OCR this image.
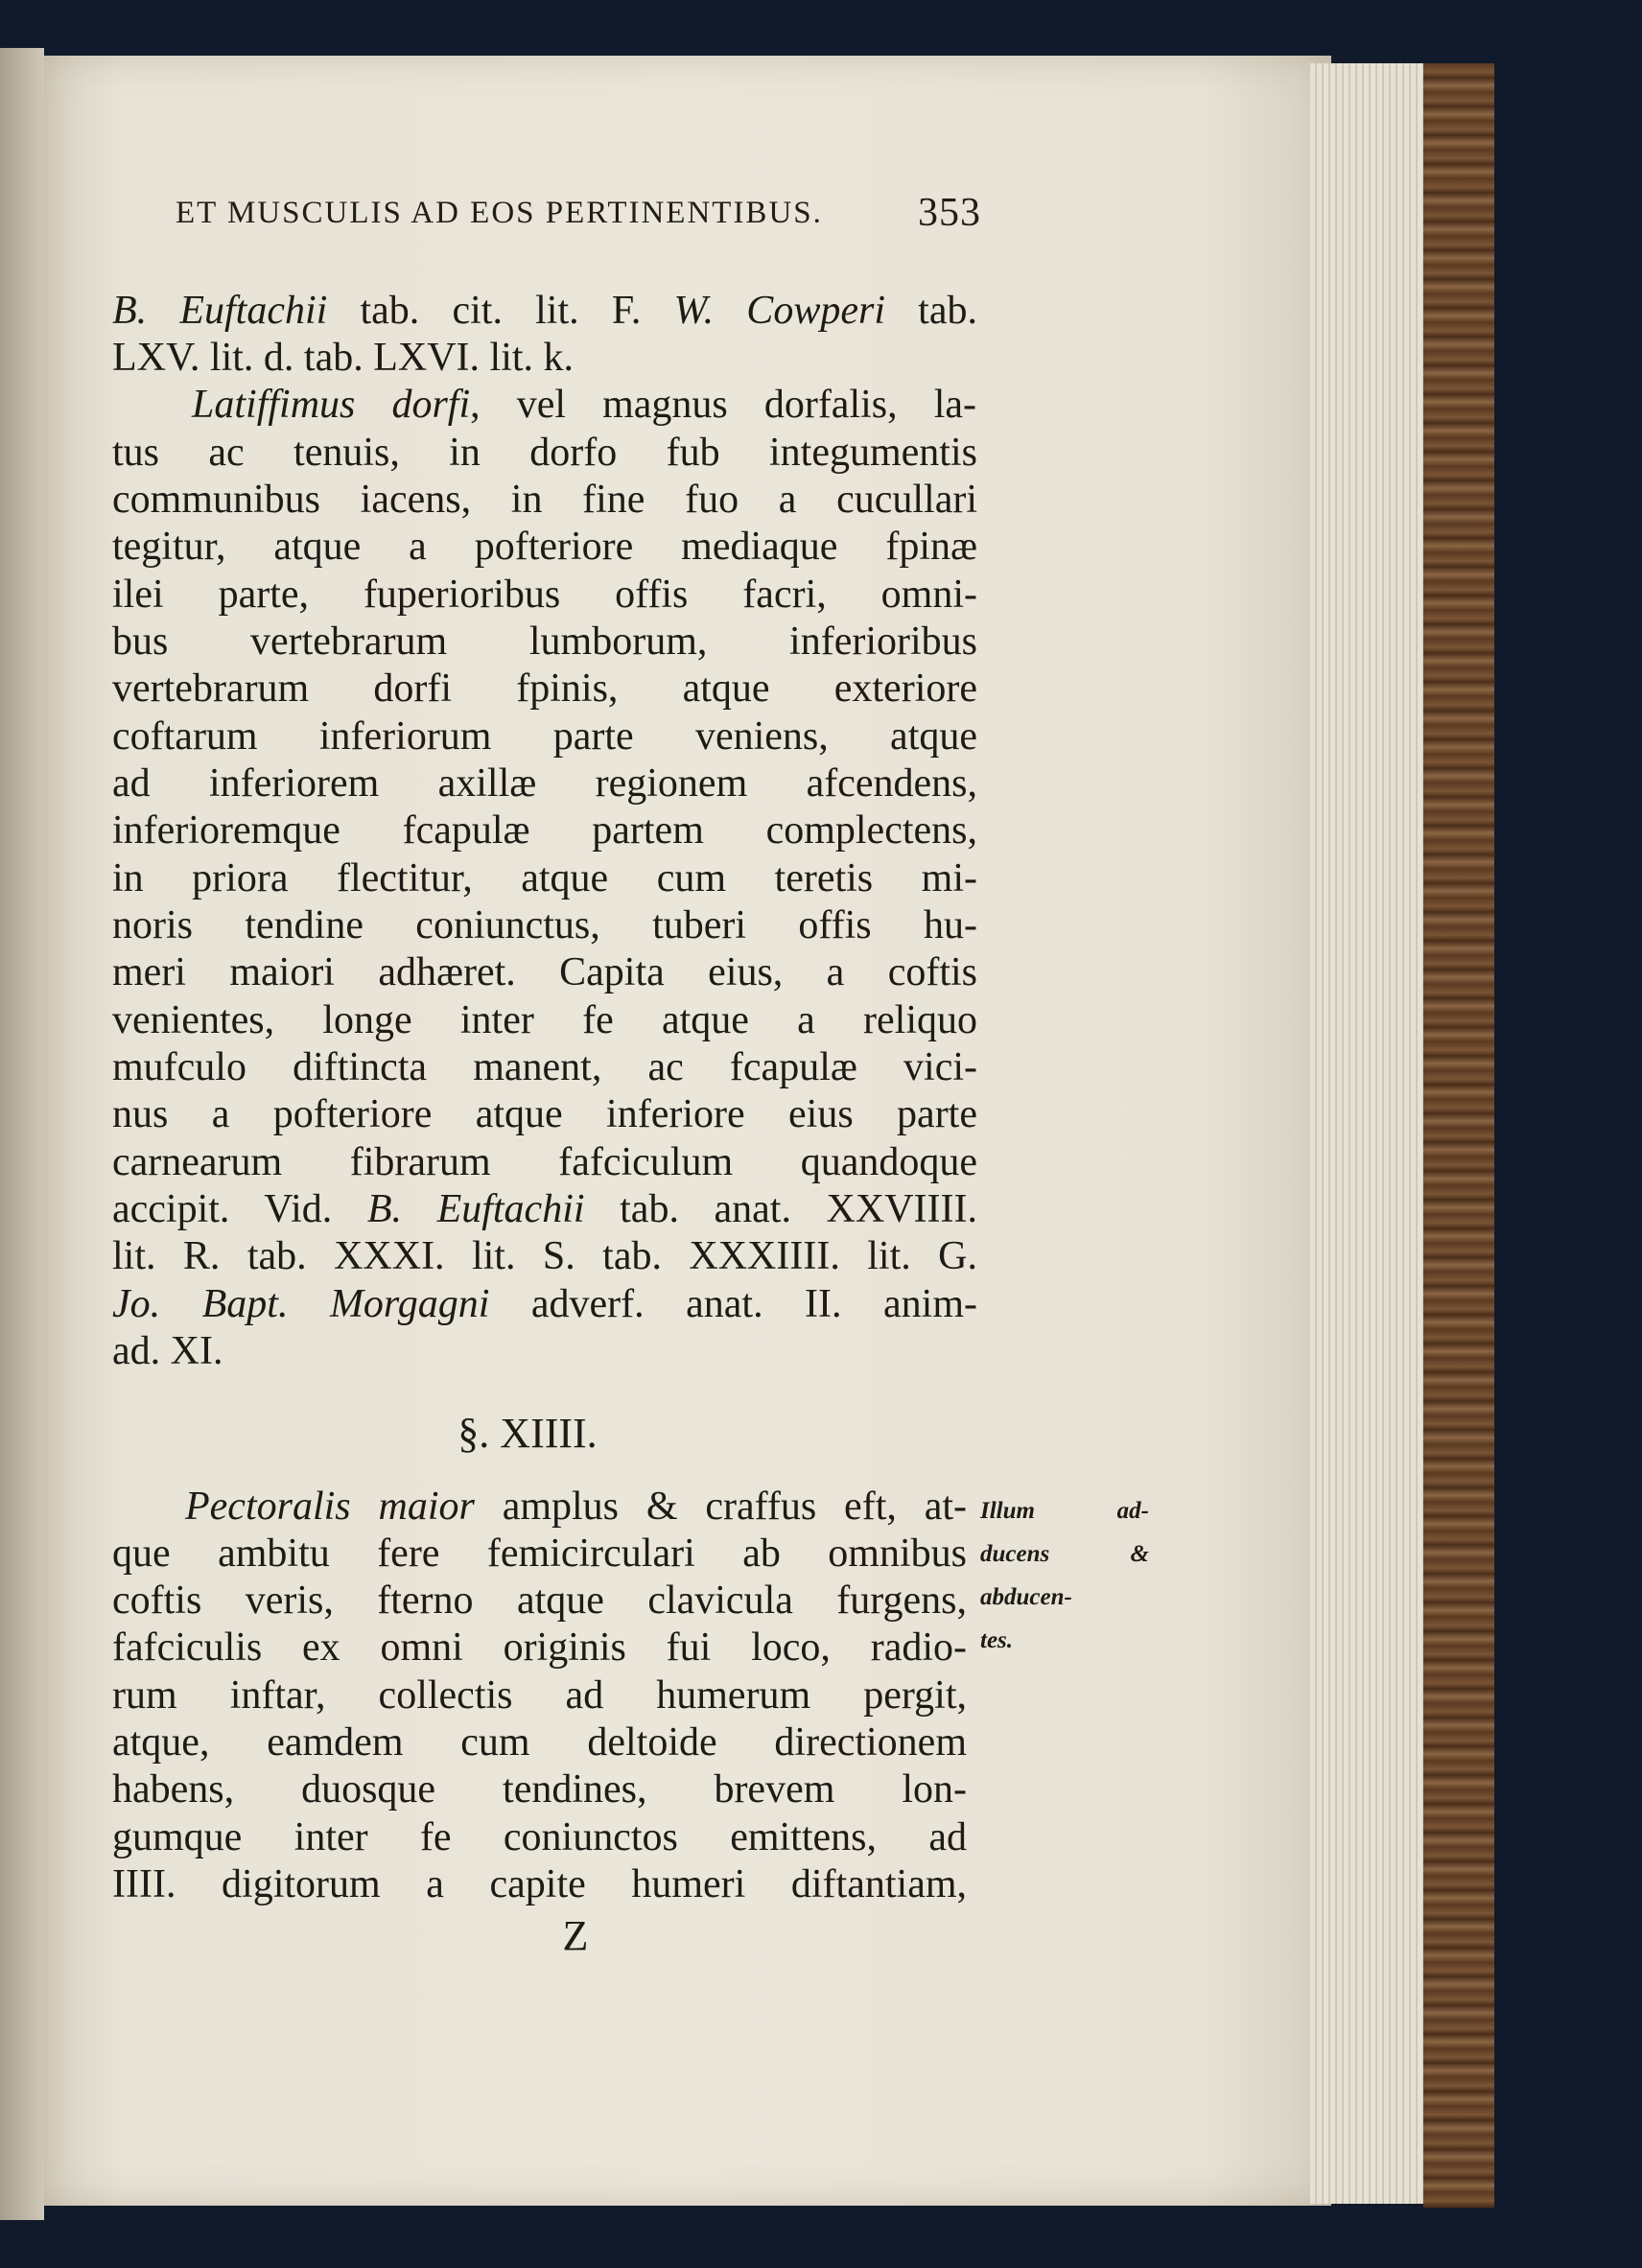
ET MUSCULIS AD EOS PERTINENTIBUS. 353
B. Euftachii tab. cit. lit. F. W. Cowperi tab.
LXV. lit. d. tab. LXVI. lit. k.
Latiffimus dorfi, vel magnus dorfalis, la-
tus ac tenuis, in dorfo fub integumentis
communibus iacens, in fine fuo a cucullari
tegitur, atque a pofteriore mediaque fpinæ
ilei parte, fuperioribus offis facri, omni-
bus vertebrarum lumborum, inferioribus
vertebrarum dorfi fpinis, atque exteriore
coftarum inferiorum parte veniens, atque
ad inferiorem axillæ regionem afcendens,
inferioremque fcapulæ partem complectens,
in priora flectitur, atque cum teretis mi-
noris tendine coniunctus, tuberi offis hu-
meri maiori adhæret. Capita eius, a coftis
venientes, longe inter fe atque a reliquo
mufculo diftincta manent, ac fcapulæ vici-
nus a pofteriore atque inferiore eius parte
carnearum fibrarum fafciculum quandoque
accipit. Vid. B. Euftachii tab. anat. XXVIIII.
lit. R. tab. XXXI. lit. S. tab. XXXIIII. lit. G.
Jo. Bapt. Morgagni adverf. anat. II. anim-
ad. XI.
§. XIIII.
Pectoralis maior amplus & craffus eft, at-
que ambitu fere femicirculari ab omnibus
coftis veris, fterno atque clavicula furgens,
fafciculis ex omni originis fui loco, radio-
rum inftar, collectis ad humerum pergit,
atque, eamdem cum deltoide directionem
habens, duosque tendines, brevem lon-
gumque inter fe coniunctos emittens, ad
IIII. digitorum a capite humeri diftantiam,
Z
Illum ad-
ducens &
abducen-
tes.
